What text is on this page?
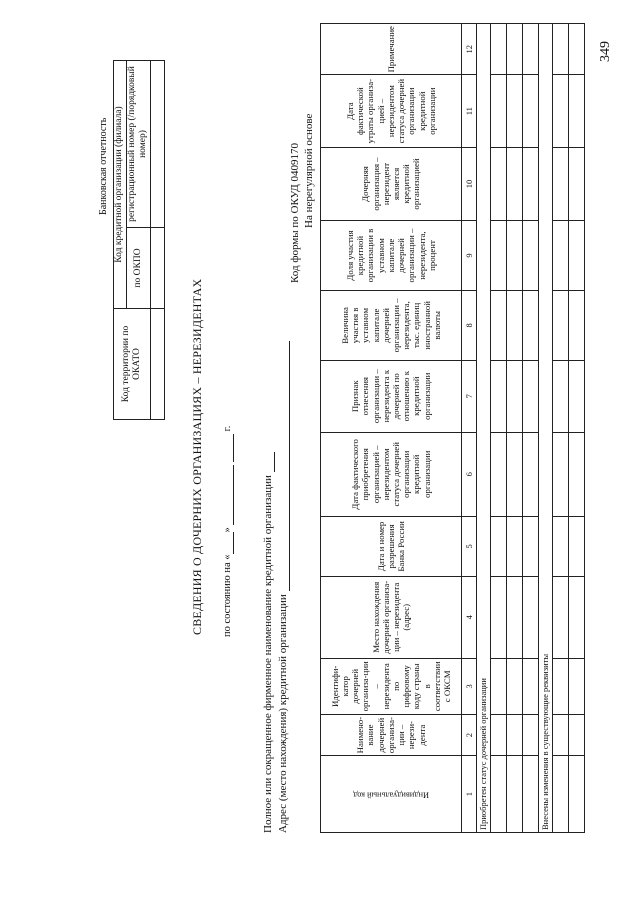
349
Банковская отчетность
Код территории по ОКАТО	Код кредитной организации (филиала)	
	по ОКПО	регистрационный номер (/порядковый номер)

СВЕДЕНИЯ О ДОЧЕРНИХ ОРГАНИЗАЦИЯХ – НЕРЕЗИДЕНТАХ по состоянию на « »     г.
Код формы по ОКУД 0409170 На нерегулярной основе
Полное или сокращенное фирменное наименование кредитной организации Адрес (место нахождения) кредитной организации	Индивидуальный код	Наимено-вание дочерней организа-ции – нерези-дента	Идентифи-катор дочерней организа-ции – нерезидента по цифровому коду страны в соответствии с ОКСМ	Место нахождения дочерней организа-ции – нерезидента (адрес)	Дата и номер разрешения Банка России	Дата фактического приобретения организацией – нерезидентом статуса дочерней организации кредитной организации	Признак отнесения организации – нерезидента к дочерней по отношению к кредитной организации	Величина участия в уставном капитале дочерней организации – нерезидента, тыс. единиц иностранной валюты	Доля участия кредитной организации в уставном капитале дочерней организации – нерезидента, процент	Дочерняя организация – нерезидент является кредитной организацией	Дата фактической утраты организа-цией – нерезидентом статуса дочерней организации кредитной организации	Примечание
1	2	3	4	5	6	7	8	9	10	11	12
Приобретен статус дочерней организации											

Внесены изменения в существующие реквизиты											
